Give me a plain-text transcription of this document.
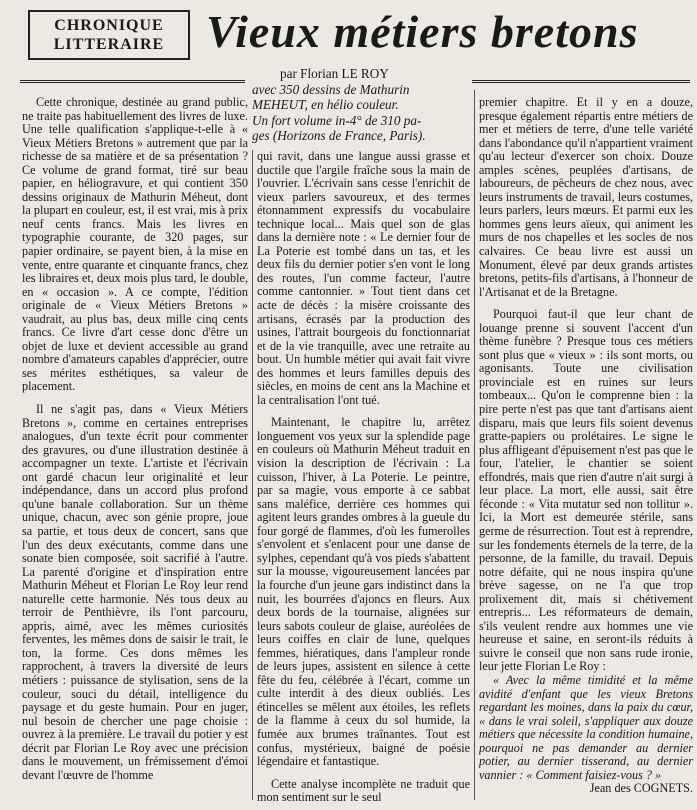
CHRONIQUE
LITTERAIRE Vieux métiers bretons
par Florian LE ROY
avec 350 dessins de Mathurin
MEHEUT, en hélio couleur.
Un fort volume in-4° de 310 pa-
ges (Horizons de France, Paris).

Cette chronique, destinée au grand public, ne traite pas habituellement des livres de luxe. Une telle qualification s'applique-t-elle à « Vieux Métiers Bretons » autrement que par la richesse de sa matière et de sa présentation ? Ce volume de grand format, tiré sur beau papier, en héliogravure, et qui contient 350 dessins originaux de Mathurin Méheut, dont la plupart en couleur, est, il est vrai, mis à prix neuf cents francs. Mais les livres en typographie courante, de 320 pages, sur papier ordinaire, se payent bien, à la mise en vente, entre quarante et cinquante francs, chez les libraires et, deux mois plus tard, le double, en « occasion ». A ce compte, l'édition originale de « Vieux Métiers Bretons » vaudrait, au plus bas, deux mille cinq cents francs. Ce livre d'art cesse donc d'être un objet de luxe et devient accessible au grand nombre d'amateurs capables d'apprécier, outre ses mérites esthétiques, sa valeur de placement.

Il ne s'agit pas, dans « Vieux Métiers Bretons », comme en certaines entreprises analogues, d'un texte écrit pour commenter des gravures, ou d'une illustration destinée à accompagner un texte. L'artiste et l'écrivain ont gardé chacun leur originalité et leur indépendance, dans un accord plus profond qu'une banale collaboration. Sur un thème unique, chacun, avec son génie propre, joue sa partie, et tous deux de concert, sans que l'un des deux exécutants, comme dans une sonate bien composée, soit sacrifié à l'autre. La parenté d'origine et d'inspiration entre Mathurin Méheut et Florian Le Roy leur rend naturelle cette harmonie. Nés tous deux au terroir de Penthièvre, ils l'ont parcouru, appris, aimé, avec les mêmes curiosités ferventes, les mêmes dons de saisir le trait, le ton, la forme. Ces dons mêmes les rapprochent, à travers la diversité de leurs métiers : puissance de stylisation, sens de la couleur, souci du détail, intelligence du paysage et du geste humain. Pour en juger, nul besoin de chercher une page choisie : ouvrez à la première. Le travail du potier y est décrit par Florian Le Roy avec une précision dans le mouvement, un frémissement d'émoi devant l'œuvre de l'homme

qui ravit, dans une langue aussi grasse et ductile que l'argile fraîche sous la main de l'ouvrier. L'écrivain sans cesse l'enrichit de vieux parlers savoureux, et des termes étonnamment expressifs du vocabulaire technique local... Mais quel son de glas dans la dernière note : « Le dernier four de La Poterie est tombé dans un tas, et les deux fils du dernier potier s'en vont le long des routes, l'un comme facteur, l'autre comme cantonnier. » Tout tient dans cet acte de décès : la misère croissante des artisans, écrasés par la production des usines, l'attrait bourgeois du fonctionnariat et de la vie tranquille, avec une retraite au bout. Un humble métier qui avait fait vivre des hommes et leurs familles depuis des siècles, en moins de cent ans la Machine et la centralisation l'ont tué.

Maintenant, le chapitre lu, arrêtez longuement vos yeux sur la splendide page en couleurs où Mathurin Méheut traduit en vision la description de l'écrivain : La cuisson, l'hiver, à La Poterie. Le peintre, par sa magie, vous emporte à ce sabbat sans maléfice, derrière ces hommes qui agitent leurs grandes ombres à la gueule du four gorgé de flammes, d'où les fumerolles s'envolent et s'enlacent pour une danse de sylphes, cependant qu'à vos pieds s'abattent sur la mousse, vigoureusement lancées par la fourche d'un jeune gars indistinct dans la nuit, les bourrées d'ajoncs en fleurs. Aux deux bords de la tournaise, alignées sur leurs sabots couleur de glaise, auréolées de leurs coiffes en clair de lune, quelques femmes, hiératiques, dans l'ampleur ronde de leurs jupes, assistent en silence à cette fête du feu, célébrée à l'écart, comme un culte interdit à des dieux oubliés. Les étincelles se mêlent aux étoiles, les reflets de la flamme à ceux du sol humide, la fumée aux brumes traînantes. Tout est confus, mystérieux, baigné de poésie légendaire et fantastique.

Cette analyse incomplète ne traduit que mon sentiment sur le seul

premier chapitre. Et il y en a douze, presque également répartis entre métiers de mer et métiers de terre, d'une telle variété dans l'abondance qu'il n'appartient vraiment qu'au lecteur d'exercer son choix. Douze amples scènes, peuplées d'artisans, de laboureurs, de pêcheurs de chez nous, avec leurs instruments de travail, leurs costumes, leurs parlers, leurs mœurs. Et parmi eux les hommes gens leurs aïeux, qui animent les murs de nos chapelles et les socles de nos calvaires. Ce beau livre est aussi un Monument, élevé par deux grands artistes bretons, petits-fils d'artisans, à l'honneur de l'Artisanat et de la Bretagne.

Pourquoi faut-il que leur chant de louange prenne si souvent l'accent d'un thème funèbre ? Presque tous ces métiers sont plus que « vieux » : ils sont morts, ou agonisants. Toute une civilisation provinciale est en ruines sur leurs tombeaux... Qu'on le comprenne bien : la pire perte n'est pas que tant d'artisans aient disparu, mais que leurs fils soient devenus gratte-papiers ou prolétaires. Le signe le plus affligeant d'épuisement n'est pas que le four, l'atelier, le chantier se soient effondrés, mais que rien d'autre n'ait surgi à leur place. La mort, elle aussi, sait être féconde : « Vita mutatur sed non tollitur ». Ici, la Mort est demeurée stérile, sans germe de résurrection. Tout est à reprendre, sur les fondements éternels de la terre, de la personne, de la famille, du travail. Depuis notre défaite, qui ne nous inspira qu'une brève sagesse, on ne l'a que trop prolixement dit, mais si chétivement entrepris... Les réformateurs de demain, s'ils veulent rendre aux hommes une vie heureuse et saine, en seront-ils réduits à suivre le conseil que non sans rude ironie, leur jette Florian Le Roy :

« Avec la même timidité et la même avidité d'enfant que les vieux Bretons regardant les moines, dans la paix du cœur, « dans le vrai soleil, s'appliquer aux douze métiers que nécessite la condition humaine, pourquoi ne pas demander au dernier potier, au dernier tisserand, au dernier vannier : « Comment faisiez-vous ? »

Jean des COGNETS.
